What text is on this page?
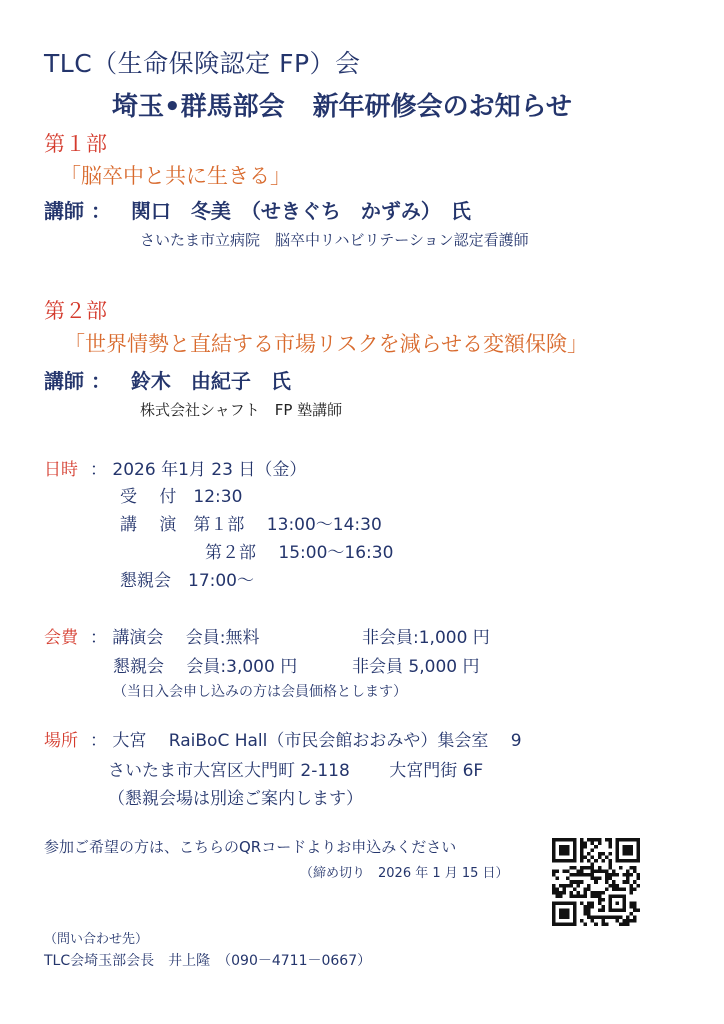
TLC（生命保険認定 FP）会
埼玉•群馬部会 新年研修会のお知らせ
第１部
「脳卒中と共に生きる」
講師 ： 関口　冬美　（せきぐち　かずみ）　氏
さいたま市立病院　脳卒中リハビリテーション認定看護師
第２部
「世界情勢と直結する市場リスクを減らせる変額保険」
講師 ： 鈴木　由紀子　氏
株式会社シャフト　FP 塾講師
日時 ： 2026 年1月 23 日（金）
受　 付　12:30
講　 演　第１部　 13:00～14:30
第２部　 15:00～16:30
懇親会　17:00～
会費 ： 講演会　 会員:無料	非会員:1,000 円
懇親会　 会員:3,000 円	非会員 5,000 円
（当日入会申し込みの方は会員価格とします）
場所 ： 大宮　 RaiBoC Hall（市民会館おおみや）集会室　 9
さいたま市大宮区大門町 2-118　　 大宮門街 6F
（懇親会場は別途ご案内します）
参加ご希望の方は、こちらのQRコードよりお申込みください
（締め切り　2026 年 1 月 15 日）
（問い合わせ先）
TLC会埼玉部会長　井上隆　（090－4711－0667）
